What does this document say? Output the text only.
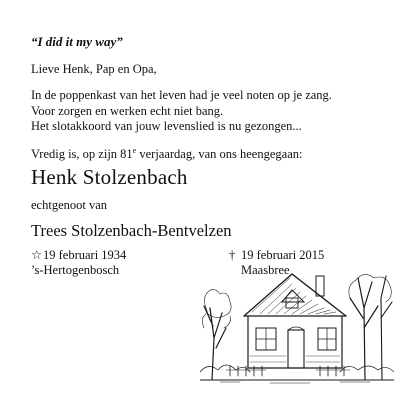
“I did it my way”
Lieve Henk, Pap en Opa,
In de poppenkast van het leven had je veel noten op je zang.
Voor zorgen en werken echt niet bang.
Het slotakkoord van jouw levenslied is nu gezongen...
Vredig is, op zijn 81e verjaardag, van ons heengegaan:
Henk Stolzenbach
echtgenoot van
Trees Stolzenbach-Bentvelzen
☆19 februari 1934
’s-Hertogenbosch
† 19 februari 2015
Maasbree
